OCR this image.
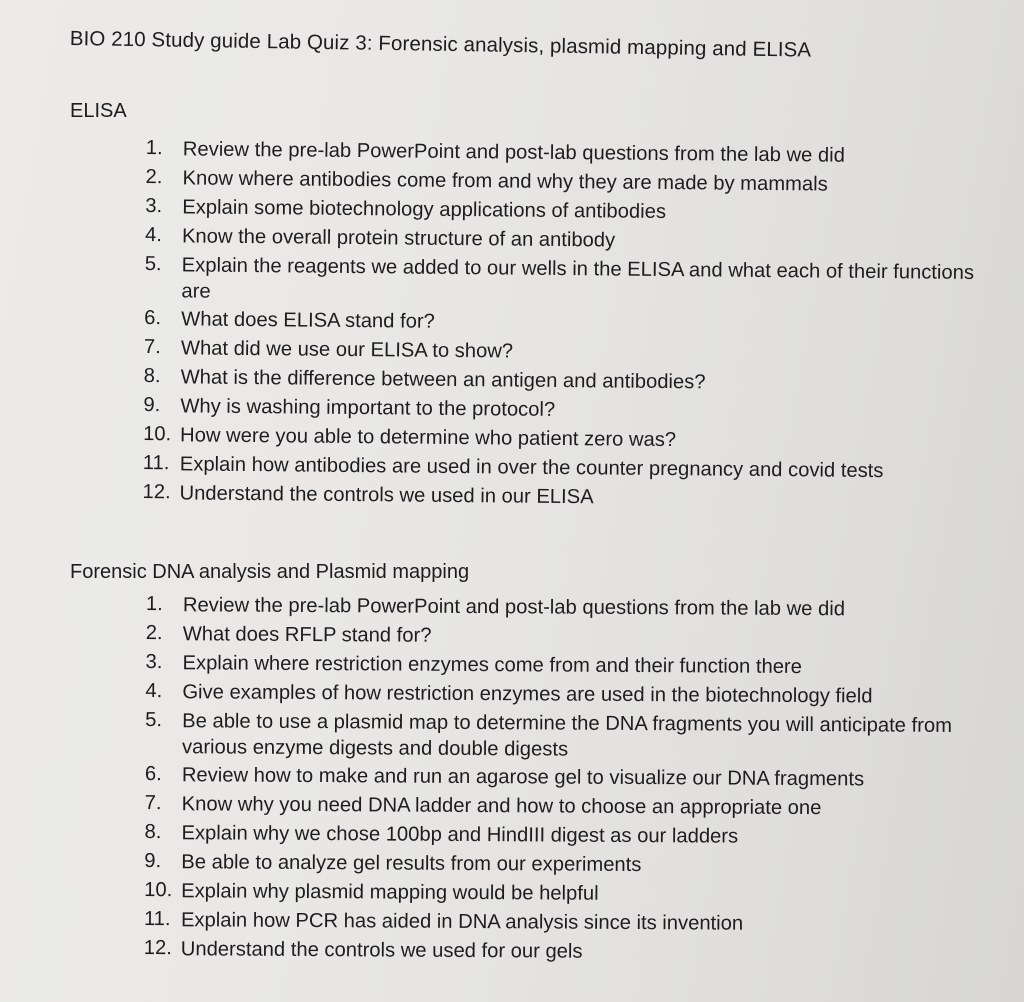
BIO 210 Study guide Lab Quiz 3: Forensic analysis, plasmid mapping and ELISA
ELISA
1. Review the pre-lab PowerPoint and post-lab questions from the lab we did
2. Know where antibodies come from and why they are made by mammals
3. Explain some biotechnology applications of antibodies
4. Know the overall protein structure of an antibody
5. Explain the reagents we added to our wells in the ELISA and what each of their functions are
6. What does ELISA stand for?
7. What did we use our ELISA to show?
8. What is the difference between an antigen and antibodies?
9. Why is washing important to the protocol?
10. How were you able to determine who patient zero was?
11. Explain how antibodies are used in over the counter pregnancy and covid tests
12. Understand the controls we used in our ELISA
Forensic DNA analysis and Plasmid mapping
1. Review the pre-lab PowerPoint and post-lab questions from the lab we did
2. What does RFLP stand for?
3. Explain where restriction enzymes come from and their function there
4. Give examples of how restriction enzymes are used in the biotechnology field
5. Be able to use a plasmid map to determine the DNA fragments you will anticipate from various enzyme digests and double digests
6. Review how to make and run an agarose gel to visualize our DNA fragments
7. Know why you need DNA ladder and how to choose an appropriate one
8. Explain why we chose 100bp and HindIII digest as our ladders
9. Be able to analyze gel results from our experiments
10. Explain why plasmid mapping would be helpful
11. Explain how PCR has aided in DNA analysis since its invention
12. Understand the controls we used for our gels
